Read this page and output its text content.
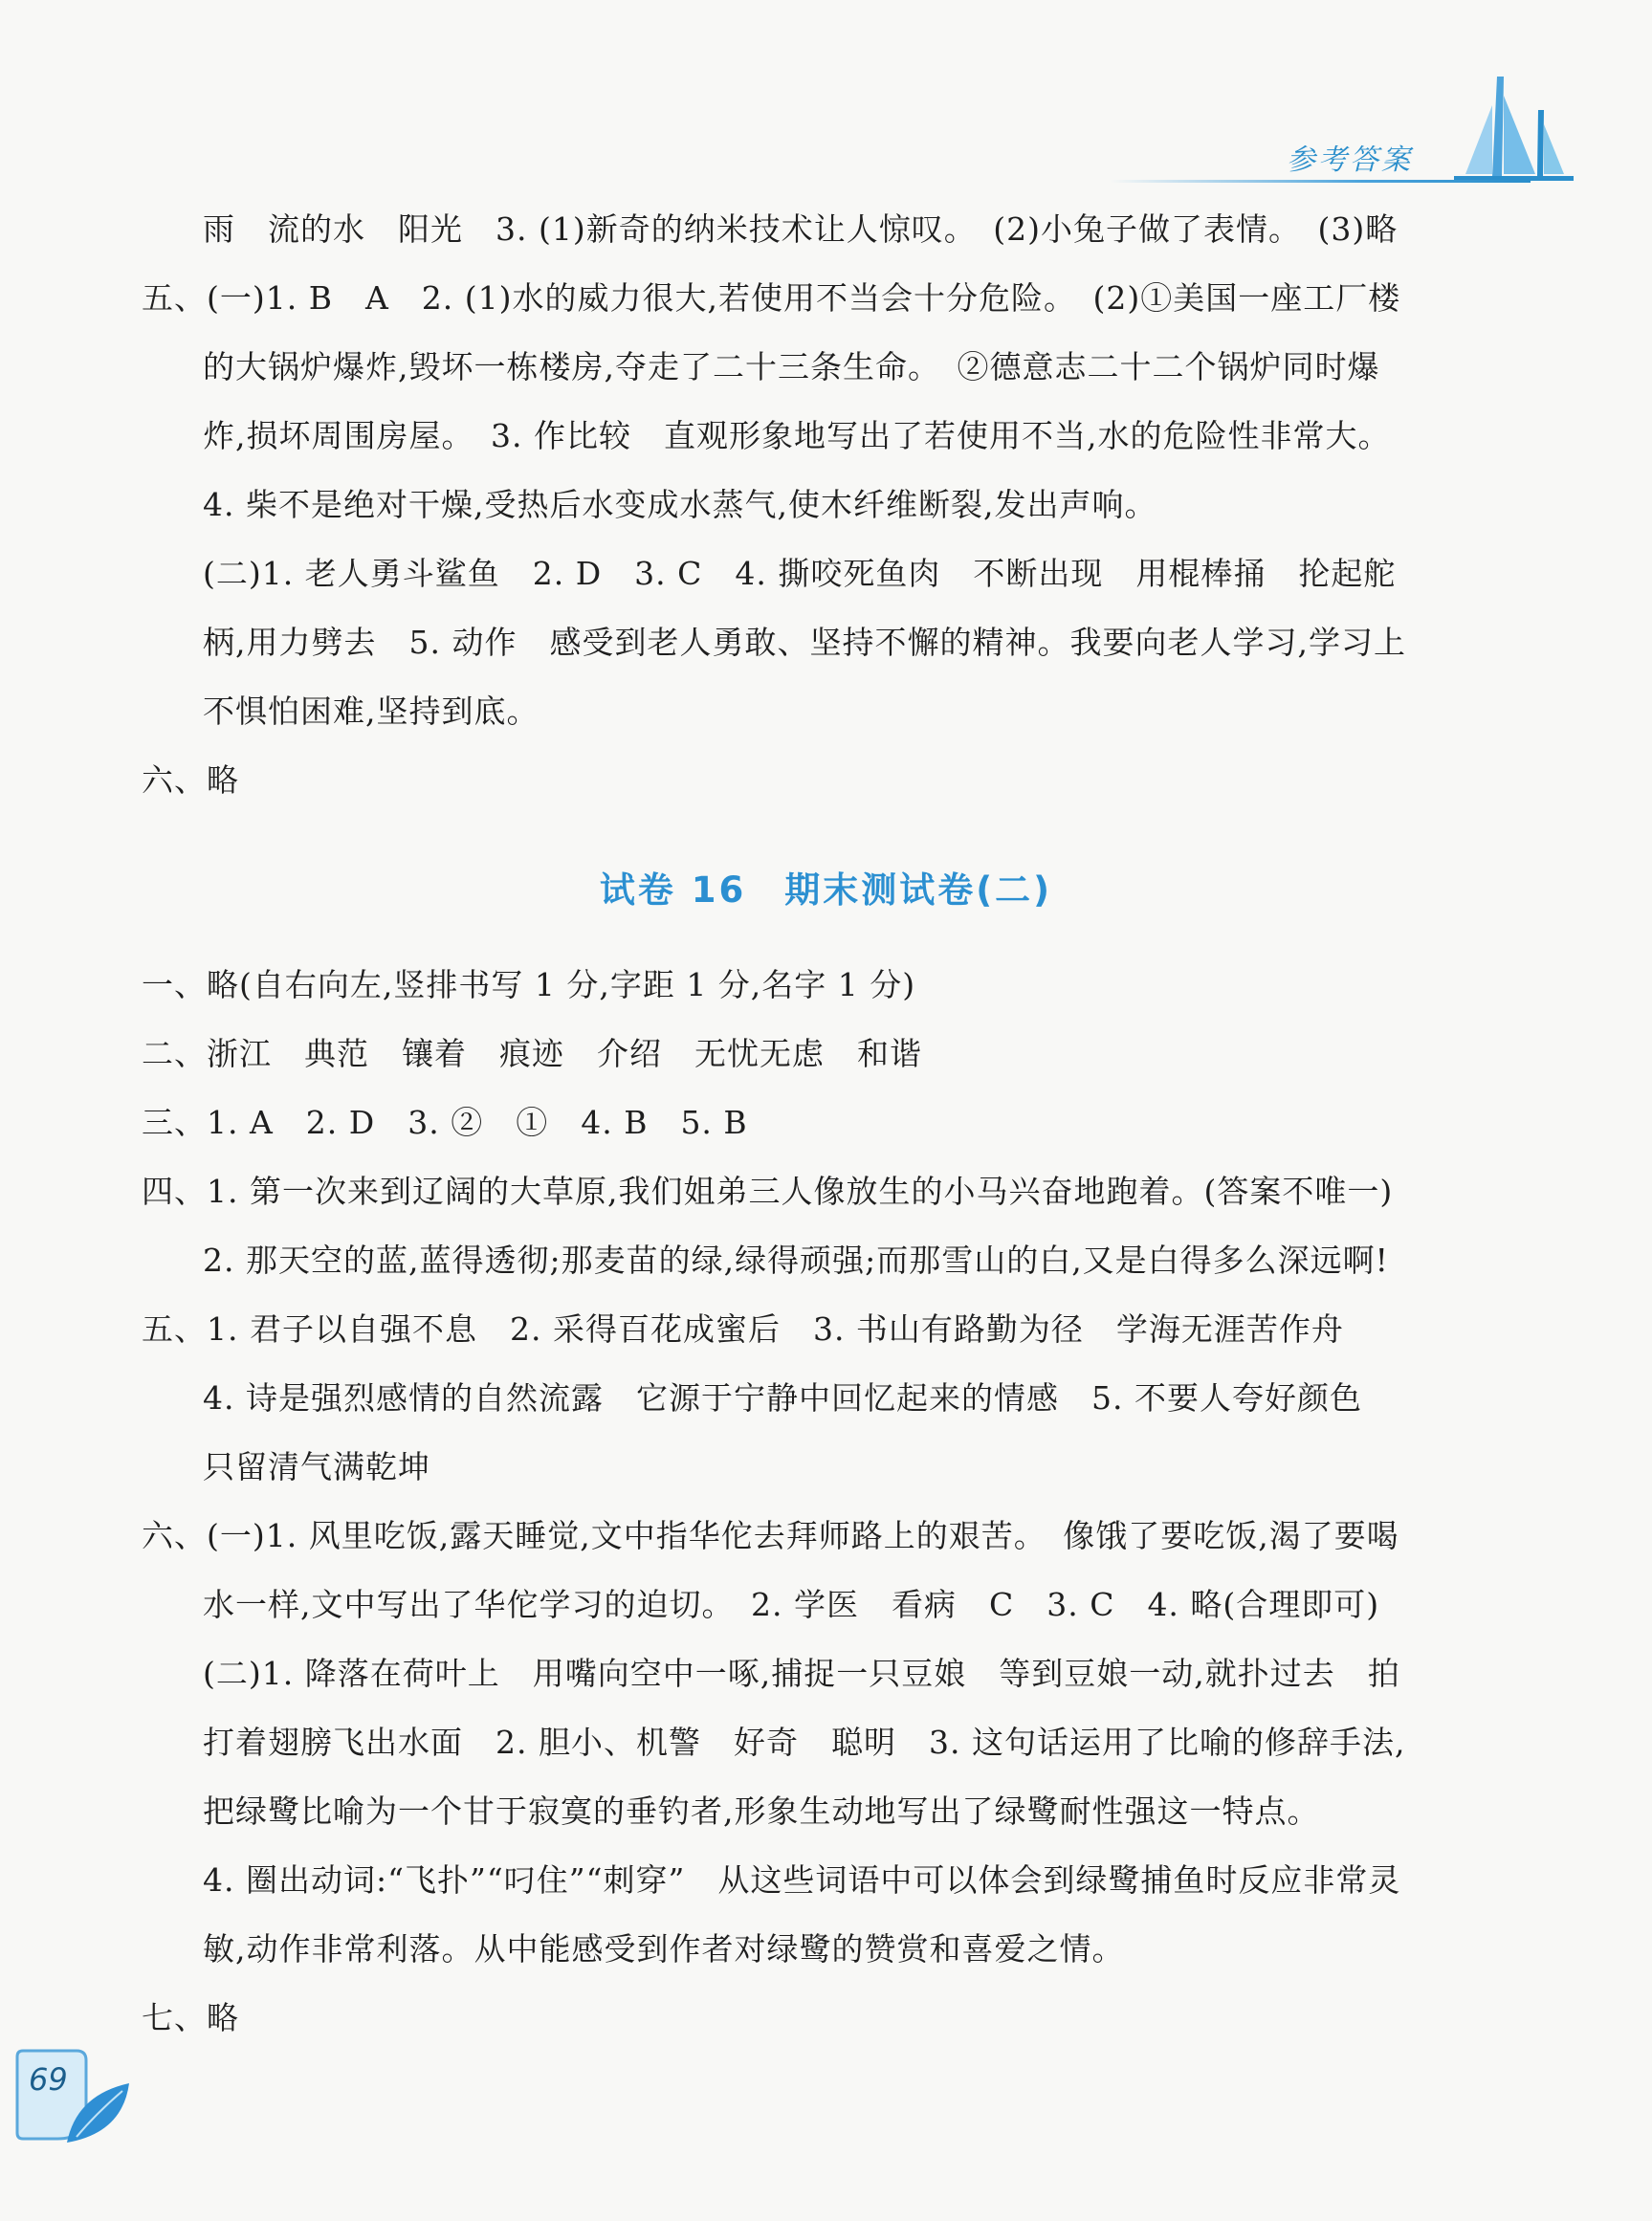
参考答案
雨　流的水　阳光　3. (1)新奇的纳米技术让人惊叹。　(2)小兔子做了表情。　(3)略
五、(一)1. B　A　2. (1)水的威力很大,若使用不当会十分危险。　(2)①美国一座工厂楼
的大锅炉爆炸,毁坏一栋楼房,夺走了二十三条生命。　②德意志二十二个锅炉同时爆
炸,损坏周围房屋。　3. 作比较　直观形象地写出了若使用不当,水的危险性非常大。
4. 柴不是绝对干燥,受热后水变成水蒸气,使木纤维断裂,发出声响。
(二)1. 老人勇斗鲨鱼　2. D　3. C　4. 撕咬死鱼肉　不断出现　用棍棒捅　抡起舵
柄,用力劈去　5. 动作　感受到老人勇敢、坚持不懈的精神。我要向老人学习,学习上
不惧怕困难,坚持到底。
六、略
试卷 16　期末测试卷(二)
一、略(自右向左,竖排书写 1 分,字距 1 分,名字 1 分)
二、浙江　典范　镶着　痕迹　介绍　无忧无虑　和谐
三、1. A　2. D　3. ②　①　4. B　5. B
四、1. 第一次来到辽阔的大草原,我们姐弟三人像放生的小马兴奋地跑着。(答案不唯一)
2. 那天空的蓝,蓝得透彻;那麦苗的绿,绿得顽强;而那雪山的白,又是白得多么深远啊!
五、1. 君子以自强不息　2. 采得百花成蜜后　3. 书山有路勤为径　学海无涯苦作舟
4. 诗是强烈感情的自然流露　它源于宁静中回忆起来的情感　5. 不要人夸好颜色
只留清气满乾坤
六、(一)1. 风里吃饭,露天睡觉,文中指华佗去拜师路上的艰苦。　像饿了要吃饭,渴了要喝
水一样,文中写出了华佗学习的迫切。　2. 学医　看病　C　3. C　4. 略(合理即可)
(二)1. 降落在荷叶上　用嘴向空中一啄,捕捉一只豆娘　等到豆娘一动,就扑过去　拍
打着翅膀飞出水面　2. 胆小、机警　好奇　聪明　3. 这句话运用了比喻的修辞手法,
把绿鹭比喻为一个甘于寂寞的垂钓者,形象生动地写出了绿鹭耐性强这一特点。
4. 圈出动词:“飞扑”“叼住”“刺穿”　从这些词语中可以体会到绿鹭捕鱼时反应非常灵
敏,动作非常利落。从中能感受到作者对绿鹭的赞赏和喜爱之情。
七、略
69
